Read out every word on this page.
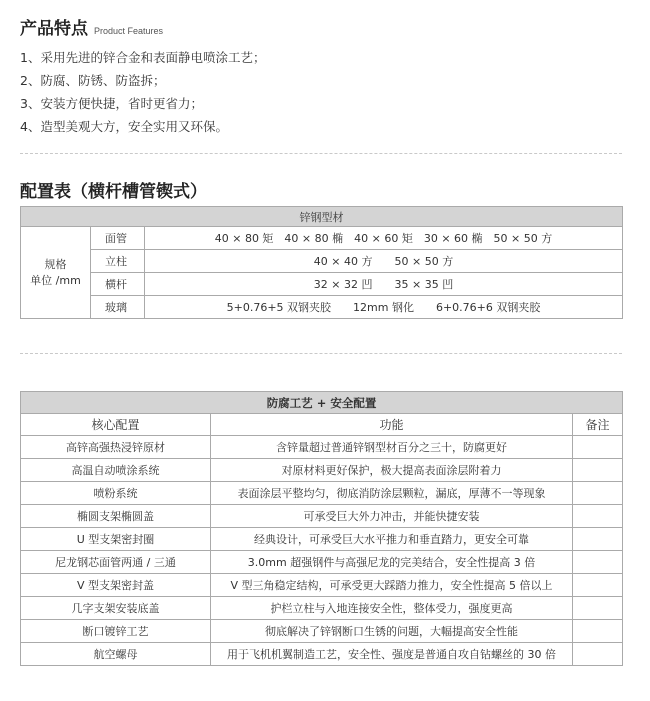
产品特点 Product Features
1、采用先进的锌合金和表面静电喷涂工艺；
2、防腐、防锈、防盗拆；
3、安装方便快捷，省时更省力；
4、造型美观大方，安全实用又环保。
配置表（横杆槽管锲式）
锌钢型材		
规格
单位 /mm	面管	40 × 80 矩　40 × 80 椭　40 × 60 矩　30 × 60 椭　50 × 50 方
	立柱	40 × 40 方　　50 × 50 方
	横杆	32 × 32 凹　　35 × 35 凹
	玻璃	5+0.76+5 双钢夹胶　　12mm 钢化　　6+0.76+6 双钢夹胶
防腐工艺 + 安全配置		
核心配置	功能	备注
高锌高强热浸锌原材	含锌量超过普通锌钢型材百分之三十，防腐更好	
高温自动喷涂系统	对原材料更好保护，极大提高表面涂层附着力	
喷粉系统	表面涂层平整均匀，彻底消防涂层颗粒，漏底，厚薄不一等现象	
椭圆支架椭圆盖	可承受巨大外力冲击，并能快捷安装	
U 型支架密封圈	经典设计，可承受巨大水平推力和垂直踏力，更安全可靠	
尼龙钢芯面管两通 / 三通	3.0mm 超强钢件与高强尼龙的完美结合，安全性提高 3 倍	
V 型支架密封盖	V 型三角稳定结构，可承受更大踩踏力推力，安全性提高 5 倍以上	
几字支架安装底盖	护栏立柱与入地连接安全性，整体受力，强度更高	
断口镀锌工艺	彻底解决了锌钢断口生锈的问题，大幅提高安全性能	
航空螺母	用于飞机机翼制造工艺，安全性、强度是普通自攻自钻螺丝的 30 倍	
